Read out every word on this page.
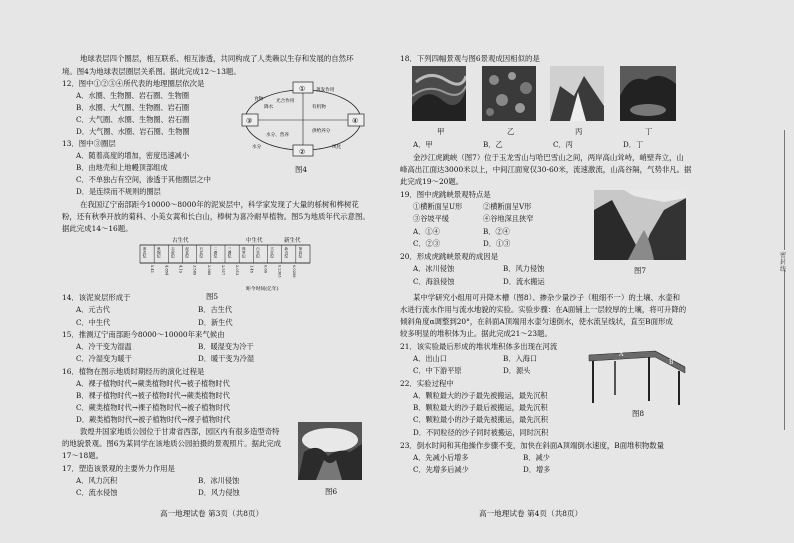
地球表层四个圈层，相互联系、相互渗透，共同构成了人类赖以生存和发展的自然环
境。图4为地球表层圈层关系图。据此完成12～13题。
12．图中①②③④所代表的地理圈层依次是
A．水圈、生物圈、岩石圈、生物圈
B．水圈、大气圈、生物圈、岩石圈
C．大气圈、水圈、生物圈、岩石圈
D．大气圈、水圈、岩石圈、生物圈
①
②
③	④
降水
光合作用
有机物
供给养分
水分、营养
风化
蒸发作用
食物
水分
图4
13．图中③圈层
A．随着高度的增加，密度迅速减小
B．由地壳和上地幔顶部组成
C．不单独占有空间，渗透于其他圈层之中
D．是连续而不规则的圈层
在我国辽宁南部距今10000～8000年的泥炭层中，科学家发现了大量的栎树和桦树花
粉，还有秋季开放的菊科、小美女蒿和长白山，棒树为喜冷耐旱植物。图5为地质年代示意图。
据此完成14～16题。
古生代	中生代	新生代
距今时间(亿年)
寒武纪	奥陶纪	志留纪	泥盆纪	石炭纪	二叠纪	三叠纪	侏罗纪	白垩纪	古近纪	新近纪	第四纪
5.41	4.854	4.19	3.589	2.989	2.517	2.013	1.45	0.66	0.2303	0.0258
图5
14．该泥炭层形成于
A．元古代	B．古生代
C．中生代	D．新生代
15．推测辽宁南部距今8000～10000年来气候由
A．冷干变为湿温	B．暖湿变为冷干
C．冷湿变为暖干	D．暖干变为冷湿
16．植物在图示地质时期经历的演化过程是
A．裸子植物时代→蕨类植物时代→被子植物时代
B．裸子植物时代→被子植物时代→蕨类植物时代
C．蕨类植物时代→裸子植物时代→被子植物时代
D．蕨类植物时代→被子植物时代→裸子植物时代
敦煌井国家地质公园位于甘肃省西部，园区内有很多造型奇特
的地貌景观。图6为某同学在该地质公园拍摄的景观照片。据此完成
17～18题。
17．塑造该景观的主要外力作用是
A．风力沉积	B．冰川侵蚀
C．流水侵蚀	D．风力侵蚀	图6
高一地理试卷 第3页（共8页）
18．下列四幅景观与图6景观成因相似的是
甲	乙	丙	丁
A．甲	B．乙	C．丙	D．丁
金沙江虎跳峡（图7）位于玉龙雪山与哈巴雪山之间，两岸高山耸峙，峭壁奔立，山
峰高出江面达3000米以上，中间江面宽仅30-60米，流速激流，山高谷隔，气势非凡。据
此完成19～20题。
19．图中虎跳峡景观特点是
①横断面呈U形	②横断面呈V形
③谷坡平缓	④谷地深且狭窄
A．①④	B．②④
C．②③	D．①③
图7
20．形成虎跳峡景观的成因是
A．冰川侵蚀	B．风力侵蚀
C．海浪侵蚀	D．流水搬运
某中学研究小组用可升降木槽（图8）、掺杂少量沙子（粗细不一）的土壤、水壶和
水进行流水作用与流水地貌的实验。实验步骤：在A面铺上一层较厚的土壤，将可升降的
倾斜角度α调整到20°，在斜面A顶端用水壶匀速倒水，使水流呈线状，直至B面形成
较多明显的堆积体为止。据此完成21～23题。
21．该实验最后形成的堆状堆积体多出现在河流
A．出山口	B．入海口
C．中下游平原	D．源头
A
B
图8
22．实验过程中
A．颗粒最大的沙子最先被搬运，最先沉积
B．颗粒最大的沙子最后被搬运，最先沉积
C．颗粒最小的沙子最先被搬运，最先沉积
D．不同粒径的沙子同时被搬运，同时沉积
23．倒水时间和其他操作步骤不变，加快在斜面A顶端倒水速度，B面堆积物数量
A．先减小后增多	B．减少
C．先增多后减少	D．增多
高一地理试卷 第4页（共8页）
密 封 线
